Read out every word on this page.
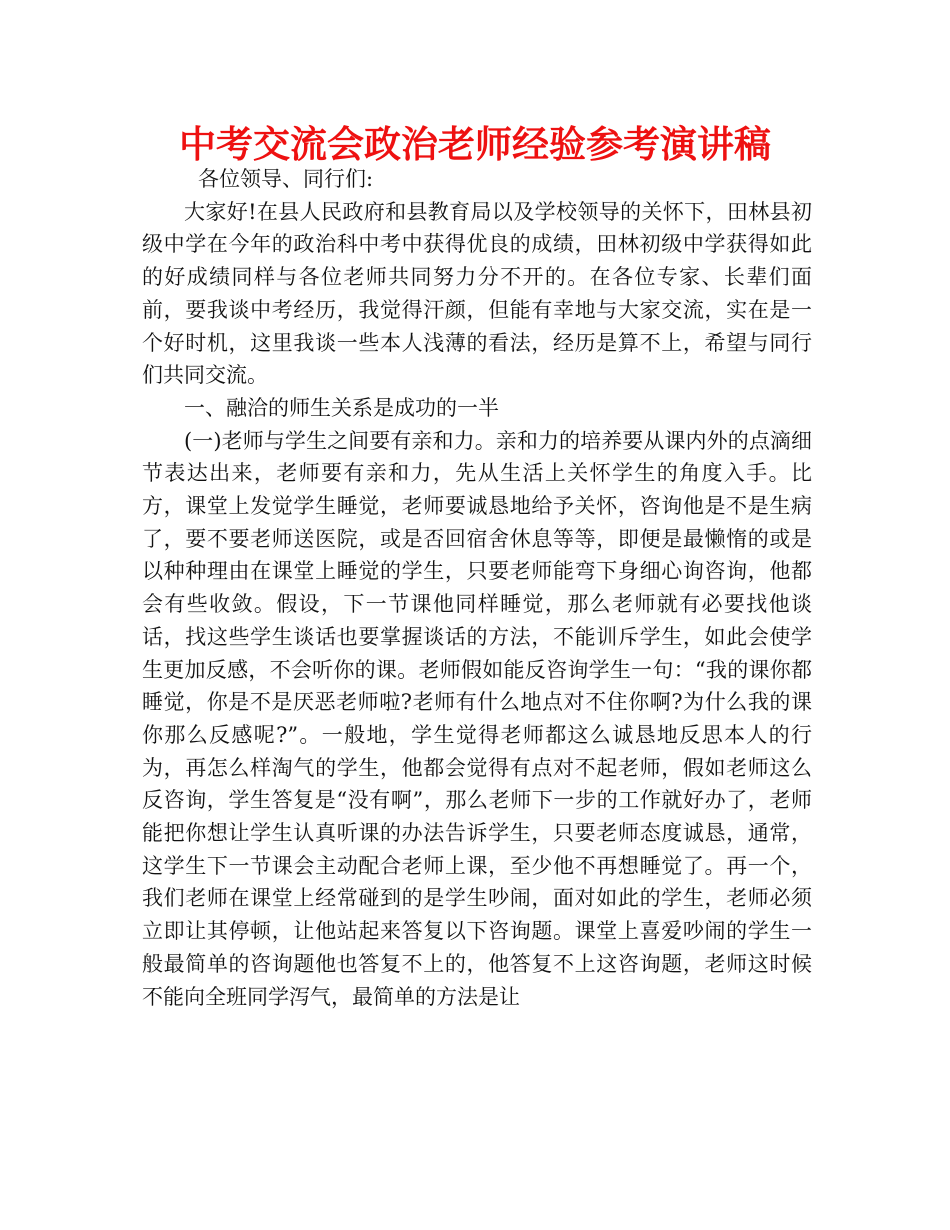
中考交流会政治老师经验参考演讲稿

各位领导、同行们:

大家好!在县人民政府和县教育局以及学校领导的关怀下，田林县初级中学在今年的政治科中考中获得优良的成绩，田林初级中学获得如此的好成绩同样与各位老师共同努力分不开的。在各位专家、长辈们面前，要我谈中考经历，我觉得汗颜，但能有幸地与大家交流，实在是一个好时机，这里我谈一些本人浅薄的看法，经历是算不上，希望与同行们共同交流。

一、融洽的师生关系是成功的一半

(一)老师与学生之间要有亲和力。亲和力的培养要从课内外的点滴细节表达出来，老师要有亲和力，先从生活上关怀学生的角度入手。比方，课堂上发觉学生睡觉，老师要诚恳地给予关怀，咨询他是不是生病了，要不要老师送医院，或是否回宿舍休息等等，即便是最懒惰的或是以种种理由在课堂上睡觉的学生，只要老师能弯下身细心询咨询，他都会有些收敛。假设，下一节课他同样睡觉，那么老师就有必要找他谈话，找这些学生谈话也要掌握谈话的方法，不能训斥学生，如此会使学生更加反感，不会听你的课。老师假如能反咨询学生一句：“我的课你都睡觉，你是不是厌恶老师啦?老师有什么地点对不住你啊?为什么我的课你那么反感呢?”。一般地，学生觉得老师都这么诚恳地反思本人的行为，再怎么样淘气的学生，他都会觉得有点对不起老师，假如老师这么反咨询，学生答复是“没有啊”，那么老师下一步的工作就好办了，老师能把你想让学生认真听课的办法告诉学生，只要老师态度诚恳，通常，这学生下一节课会主动配合老师上课，至少他不再想睡觉了。再一个，我们老师在课堂上经常碰到的是学生吵闹，面对如此的学生，老师必须立即让其停顿，让他站起来答复以下咨询题。课堂上喜爱吵闹的学生一般最简单的咨询题他也答复不上的，他答复不上这咨询题，老师这时候不能向全班同学泻气，最简单的方法是让
